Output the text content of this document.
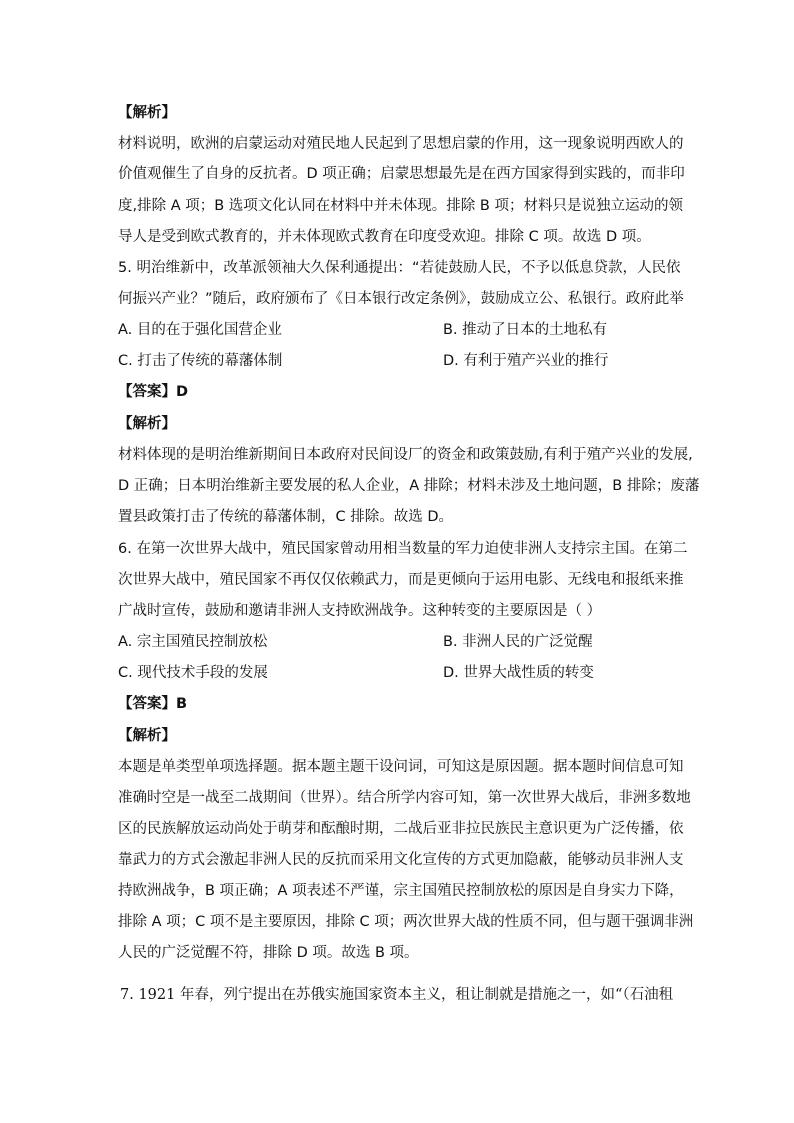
【解析】
材料说明，欧洲的启蒙运动对殖民地人民起到了思想启蒙的作用，这一现象说明西欧人的
价值观催生了自身的反抗者。D 项正确；启蒙思想最先是在西方国家得到实践的，而非印
度,排除 A 项；B 选项文化认同在材料中并未体现。排除 B 项；材料只是说独立运动的领
导人是受到欧式教育的，并未体现欧式教育在印度受欢迎。排除 C 项。故选 D 项。
5. 明治维新中，改革派领袖大久保利通提出：“若徒鼓励人民，不予以低息贷款，人民依
何振兴产业？”随后，政府颁布了《日本银行改定条例》，鼓励成立公、私银行。政府此举
A. 目的在于强化国营企业	B. 推动了日本的土地私有
C. 打击了传统的幕藩体制	D. 有利于殖产兴业的推行
【答案】D
【解析】
材料体现的是明治维新期间日本政府对民间设厂的资金和政策鼓励,有利于殖产兴业的发展,
D 正确；日本明治维新主要发展的私人企业，A 排除；材料未涉及土地问题，B 排除；废藩
置县政策打击了传统的幕藩体制，C 排除。故选 D。
6. 在第一次世界大战中，殖民国家曾动用相当数量的军力迫使非洲人支持宗主国。在第二
次世界大战中，殖民国家不再仅仅依赖武力，而是更倾向于运用电影、无线电和报纸来推
广战时宣传，鼓励和邀请非洲人支持欧洲战争。这种转变的主要原因是（ ）
A. 宗主国殖民控制放松	B. 非洲人民的广泛觉醒
C. 现代技术手段的发展	D. 世界大战性质的转变
【答案】B
【解析】
本题是单类型单项选择题。据本题主题干设问词，可知这是原因题。据本题时间信息可知
准确时空是一战至二战期间（世界）。结合所学内容可知，第一次世界大战后，非洲多数地
区的民族解放运动尚处于萌芽和酝酿时期，二战后亚非拉民族民主意识更为广泛传播，依
靠武力的方式会激起非洲人民的反抗而采用文化宣传的方式更加隐蔽，能够动员非洲人支
持欧洲战争，B 项正确；A 项表述不严谨，宗主国殖民控制放松的原因是自身实力下降，
排除 A 项；C 项不是主要原因，排除 C 项；两次世界大战的性质不同，但与题干强调非洲
人民的广泛觉醒不符，排除 D 项。故选 B 项。
7. 1921 年春，列宁提出在苏俄实施国家资本主义，租让制就是措施之一，如“（石油租
